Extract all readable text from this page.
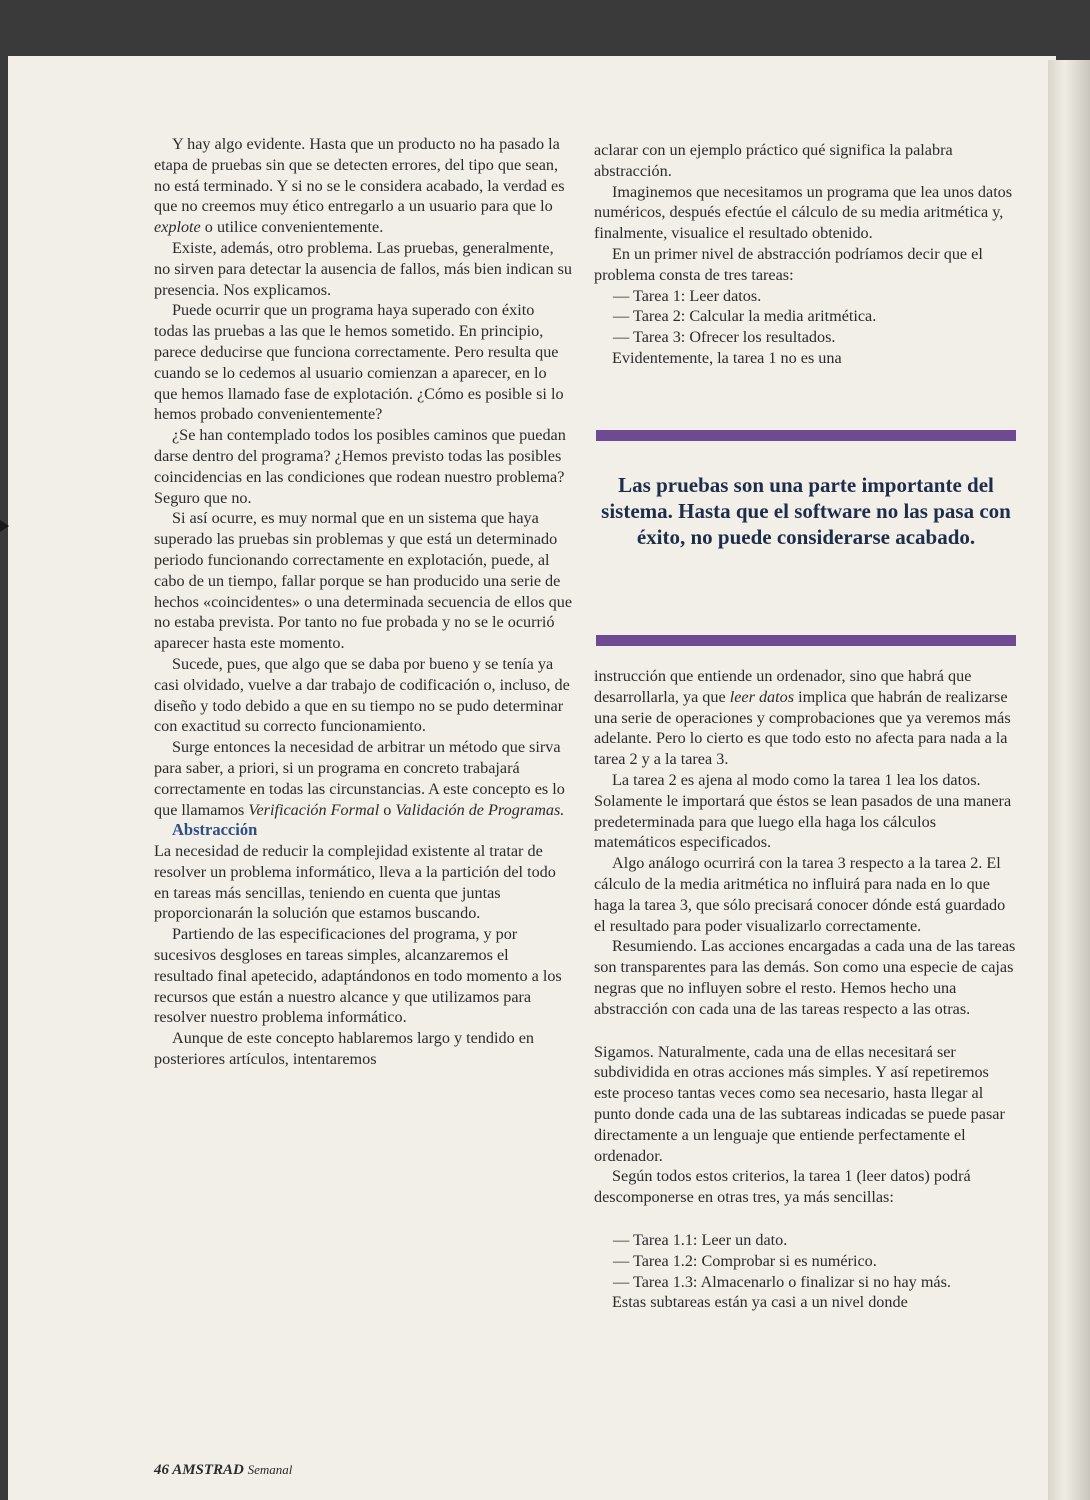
Y hay algo evidente. Hasta que un producto no ha pasado la etapa de pruebas sin que se detecten errores, del tipo que sean, no está terminado. Y si no se le considera acabado, la verdad es que no creemos muy ético entregarlo a un usuario para que lo explote o utilice convenientemente.

Existe, además, otro problema. Las pruebas, generalmente, no sirven para detectar la ausencia de fallos, más bien indican su presencia. Nos explicamos.

Puede ocurrir que un programa haya superado con éxito todas las pruebas a las que le hemos sometido. En principio, parece deducirse que funciona correctamente. Pero resulta que cuando se lo cedemos al usuario comienzan a aparecer, en lo que hemos llamado fase de explotación. ¿Cómo es posible si lo hemos probado convenientemente?

¿Se han contemplado todos los posibles caminos que puedan darse dentro del programa? ¿Hemos previsto todas las posibles coincidencias en las condiciones que rodean nuestro problema? Seguro que no.

Si así ocurre, es muy normal que en un sistema que haya superado las pruebas sin problemas y que está un determinado periodo funcionando correctamente en explotación, puede, al cabo de un tiempo, fallar porque se han producido una serie de hechos «coincidentes» o una determinada secuencia de ellos que no estaba prevista. Por tanto no fue probada y no se le ocurrió aparecer hasta este momento.

Sucede, pues, que algo que se daba por bueno y se tenía ya casi olvidado, vuelve a dar trabajo de codificación o, incluso, de diseño y todo debido a que en su tiempo no se pudo determinar con exactitud su correcto funcionamiento.

Surge entonces la necesidad de arbitrar un método que sirva para saber, a priori, si un programa en concreto trabajará correctamente en todas las circunstancias. A este concepto es lo que llamamos Verificación Formal o Validación de Programas.

Abstracción

La necesidad de reducir la complejidad existente al tratar de resolver un problema informático, lleva a la partición del todo en tareas más sencillas, teniendo en cuenta que juntas proporcionarán la solución que estamos buscando.

Partiendo de las especificaciones del programa, y por sucesivos desgloses en tareas simples, alcanzaremos el resultado final apetecido, adaptándonos en todo momento a los recursos que están a nuestro alcance y que utilizamos para resolver nuestro problema informático.

Aunque de este concepto hablaremos largo y tendido en posteriores artículos, intentaremos

aclarar con un ejemplo práctico qué significa la palabra abstracción.

Imaginemos que necesitamos un programa que lea unos datos numéricos, después efectúe el cálculo de su media aritmética y, finalmente, visualice el resultado obtenido.

En un primer nivel de abstracción podríamos decir que el problema consta de tres tareas:

— Tarea 1: Leer datos.

— Tarea 2: Calcular la media aritmética.

— Tarea 3: Ofrecer los resultados.

Evidentemente, la tarea 1 no es una

Las pruebas son una parte importante del sistema. Hasta que el software no las pasa con éxito, no puede considerarse acabado.

instrucción que entiende un ordenador, sino que habrá que desarrollarla, ya que leer datos implica que habrán de realizarse una serie de operaciones y comprobaciones que ya veremos más adelante. Pero lo cierto es que todo esto no afecta para nada a la tarea 2 y a la tarea 3.

La tarea 2 es ajena al modo como la tarea 1 lea los datos. Solamente le importará que éstos se lean pasados de una manera predeterminada para que luego ella haga los cálculos matemáticos especificados.

Algo análogo ocurrirá con la tarea 3 respecto a la tarea 2. El cálculo de la media aritmética no influirá para nada en lo que haga la tarea 3, que sólo precisará conocer dónde está guardado el resultado para poder visualizarlo correctamente.

Resumiendo. Las acciones encargadas a cada una de las tareas son transparentes para las demás. Son como una especie de cajas negras que no influyen sobre el resto. Hemos hecho una abstracción con cada una de las tareas respecto a las otras.

Sigamos. Naturalmente, cada una de ellas necesitará ser subdividida en otras acciones más simples. Y así repetiremos este proceso tantas veces como sea necesario, hasta llegar al punto donde cada una de las subtareas indicadas se puede pasar directamente a un lenguaje que entiende perfectamente el ordenador.

Según todos estos criterios, la tarea 1 (leer datos) podrá descomponerse en otras tres, ya más sencillas:

— Tarea 1.1: Leer un dato.

— Tarea 1.2: Comprobar si es numérico.

— Tarea 1.3: Almacenarlo o finalizar si no hay más.

Estas subtareas están ya casi a un nivel donde

46 AMSTRAD Semanal
